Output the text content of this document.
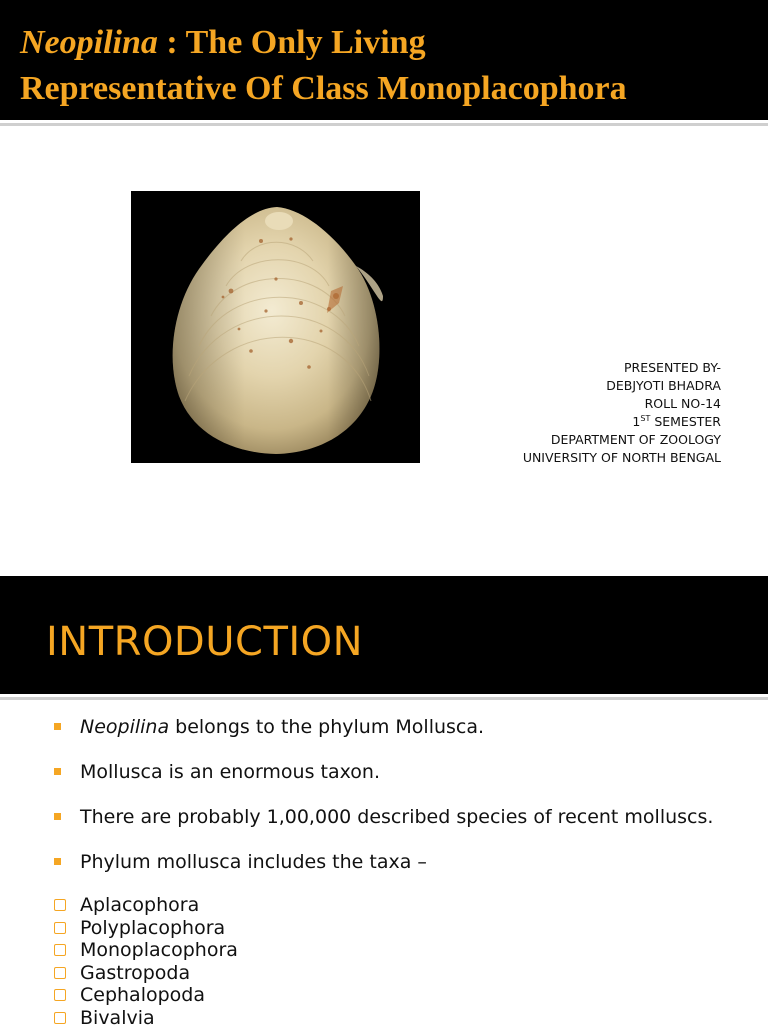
Neopilina : The Only Living
Representative Of Class Monoplacophora
PRESENTED BY-
DEBJYOTI BHADRA
ROLL NO-14
1ST SEMESTER
DEPARTMENT OF ZOOLOGY
UNIVERSITY OF NORTH BENGAL
INTRODUCTION
Neopilina belongs to the phylum Mollusca.
Mollusca is an enormous taxon.
There are probably 1,00,000 described species of recent molluscs.
Phylum mollusca includes the taxa –
Aplacophora
Polyplacophora
Monoplacophora
Gastropoda
Cephalopoda
Bivalvia
